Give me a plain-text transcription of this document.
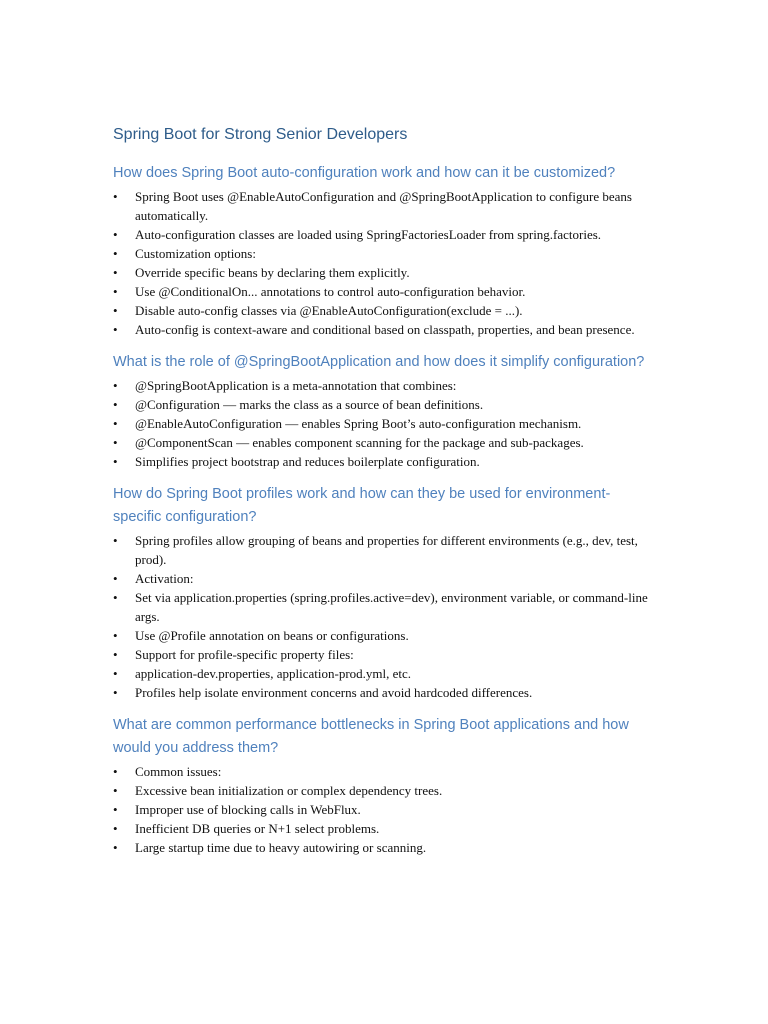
Spring Boot for Strong Senior Developers
How does Spring Boot auto-configuration work and how can it be customized?
•	Spring Boot uses @EnableAutoConfiguration and @SpringBootApplication to configure beans automatically.
•	Auto-configuration classes are loaded using SpringFactoriesLoader from spring.factories.
•	Customization options:
•	Override specific beans by declaring them explicitly.
•	Use @ConditionalOn... annotations to control auto-configuration behavior.
•	Disable auto-config classes via @EnableAutoConfiguration(exclude = ...).
•	Auto-config is context-aware and conditional based on classpath, properties, and bean presence.
What is the role of @SpringBootApplication and how does it simplify configuration?
•	@SpringBootApplication is a meta-annotation that combines:
•	@Configuration — marks the class as a source of bean definitions.
•	@EnableAutoConfiguration — enables Spring Boot’s auto-configuration mechanism.
•	@ComponentScan — enables component scanning for the package and sub-packages.
•	Simplifies project bootstrap and reduces boilerplate configuration.
How do Spring Boot profiles work and how can they be used for environment-specific configuration?
•	Spring profiles allow grouping of beans and properties for different environments (e.g., dev, test, prod).
•	Activation:
•	Set via application.properties (spring.profiles.active=dev), environment variable, or command-line args.
•	Use @Profile annotation on beans or configurations.
•	Support for profile-specific property files:
•	application-dev.properties, application-prod.yml, etc.
•	Profiles help isolate environment concerns and avoid hardcoded differences.
What are common performance bottlenecks in Spring Boot applications and how would you address them?
•	Common issues:
•	Excessive bean initialization or complex dependency trees.
•	Improper use of blocking calls in WebFlux.
•	Inefficient DB queries or N+1 select problems.
•	Large startup time due to heavy autowiring or scanning.
